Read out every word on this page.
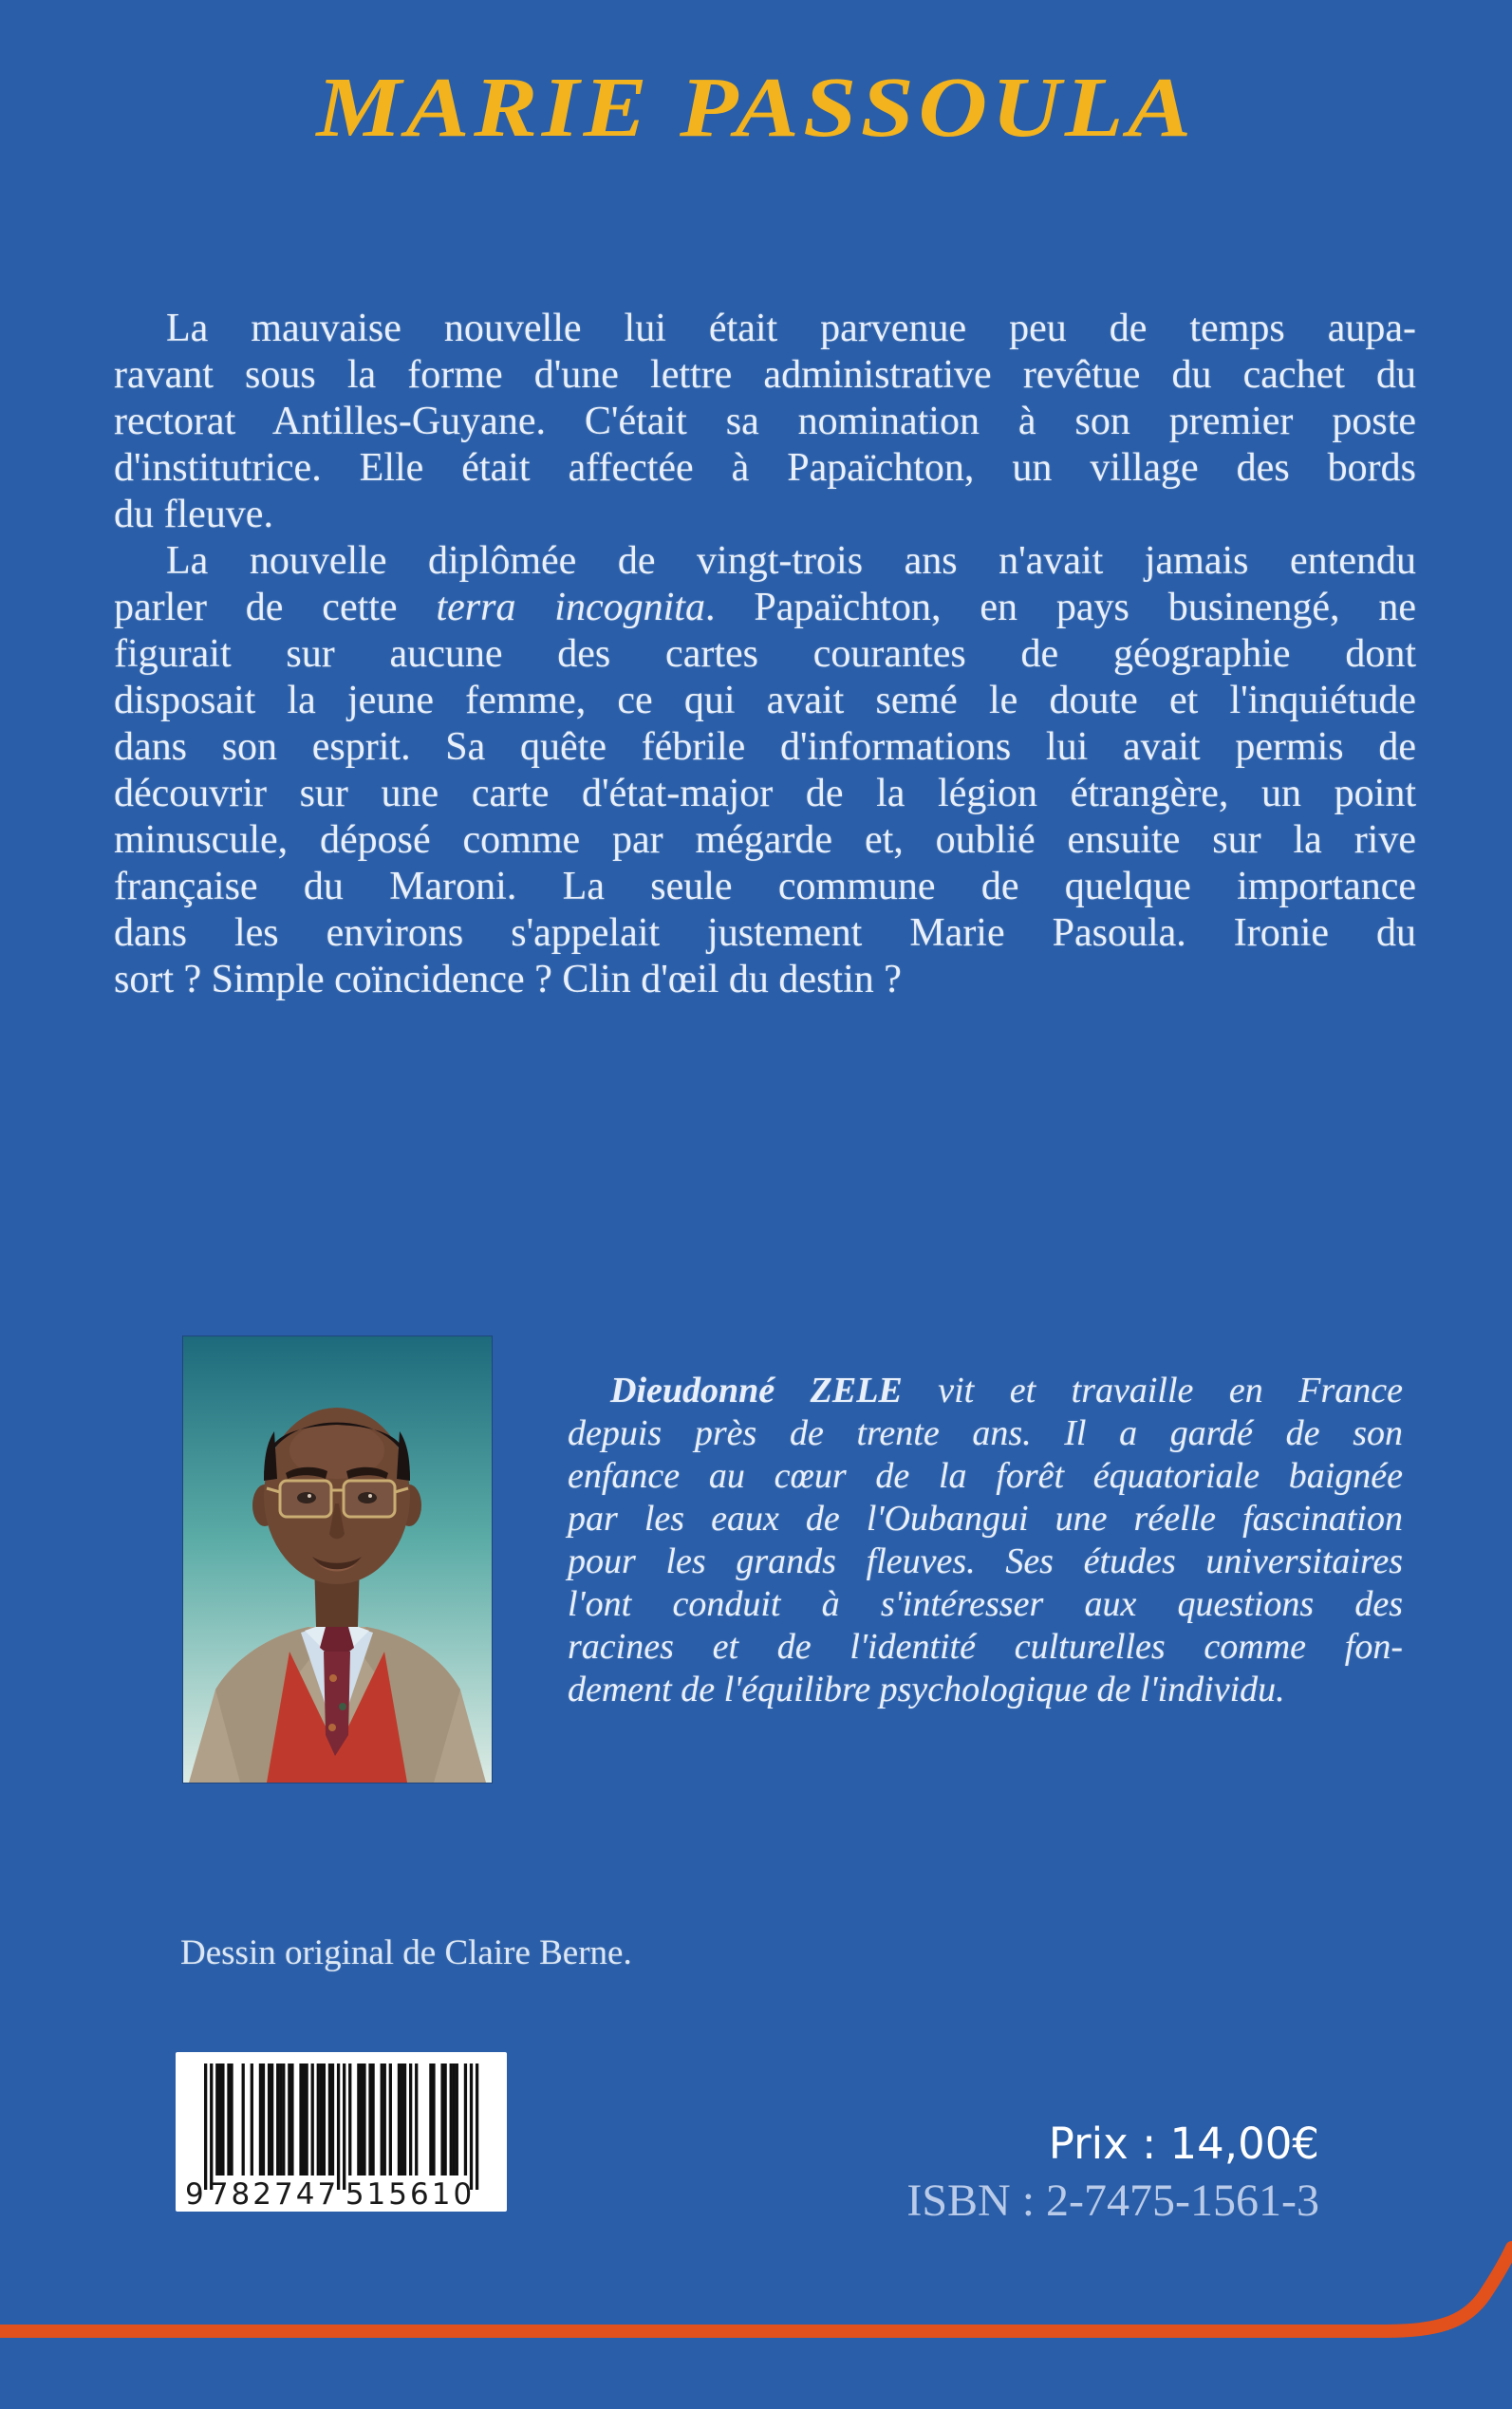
MARIE PASSOULA
La mauvaise nouvelle lui était parvenue peu de temps aupa-
ravant sous la forme d'une lettre administrative revêtue du cachet du
rectorat Antilles-Guyane. C'était sa nomination à son premier poste
d'institutrice. Elle était affectée à Papaïchton, un village des bords
du fleuve.
La nouvelle diplômée de vingt-trois ans n'avait jamais entendu
parler de cette terra incognita. Papaïchton, en pays businengé, ne
figurait sur aucune des cartes courantes de géographie dont
disposait la jeune femme, ce qui avait semé le doute et l'inquiétude
dans son esprit. Sa quête fébrile d'informations lui avait permis de
découvrir sur une carte d'état-major de la légion étrangère, un point
minuscule, déposé comme par mégarde et, oublié ensuite sur la rive
française du Maroni. La seule commune de quelque importance
dans les environs s'appelait justement Marie Pasoula. Ironie du
sort ? Simple coïncidence ? Clin d'œil du destin ?
Dieudonné ZELE vit et travaille en France
depuis près de trente ans. Il a gardé de son
enfance au cœur de la forêt équatoriale baignée
par les eaux de l'Oubangui une réelle fascination
pour les grands fleuves. Ses études universitaires
l'ont conduit à s'intéresser aux questions des
racines et de l'identité culturelles comme fon-
dement de l'équilibre psychologique de l'individu.
Dessin original de Claire Berne.
9 782747 515610
Prix : 14,00€
ISBN : 2-7475-1561-3
